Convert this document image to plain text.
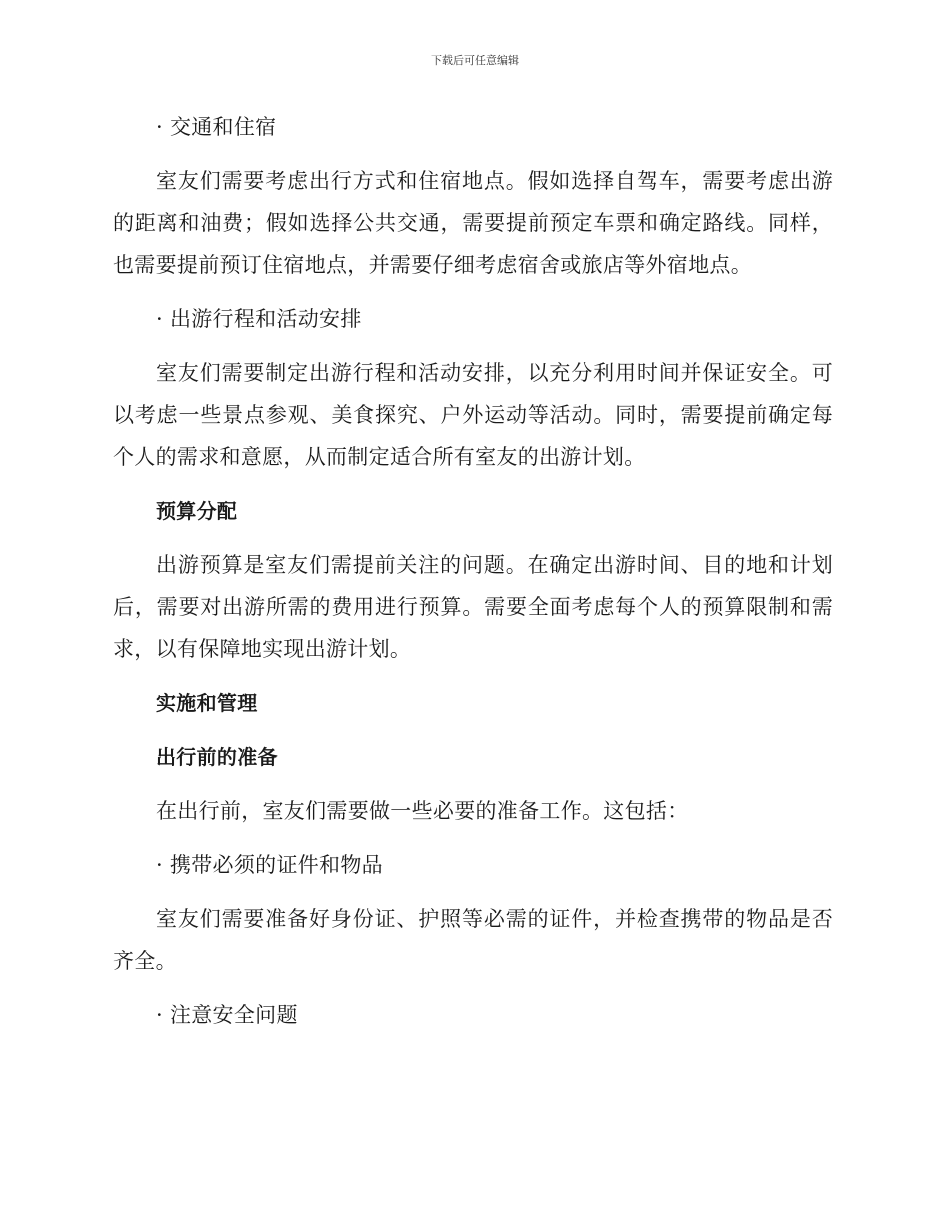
下载后可任意编辑
· 交通和住宿
室友们需要考虑出行方式和住宿地点。假如选择自驾车，需要考虑出游的距离和油费；假如选择公共交通，需要提前预定车票和确定路线。同样，也需要提前预订住宿地点，并需要仔细考虑宿舍或旅店等外宿地点。
· 出游行程和活动安排
室友们需要制定出游行程和活动安排，以充分利用时间并保证安全。可以考虑一些景点参观、美食探究、户外运动等活动。同时，需要提前确定每个人的需求和意愿，从而制定适合所有室友的出游计划。
预算分配
出游预算是室友们需提前关注的问题。在确定出游时间、目的地和计划后，需要对出游所需的费用进行预算。需要全面考虑每个人的预算限制和需求，以有保障地实现出游计划。
实施和管理
出行前的准备
在出行前，室友们需要做一些必要的准备工作。这包括：
· 携带必须的证件和物品
室友们需要准备好身份证、护照等必需的证件，并检查携带的物品是否齐全。
· 注意安全问题
